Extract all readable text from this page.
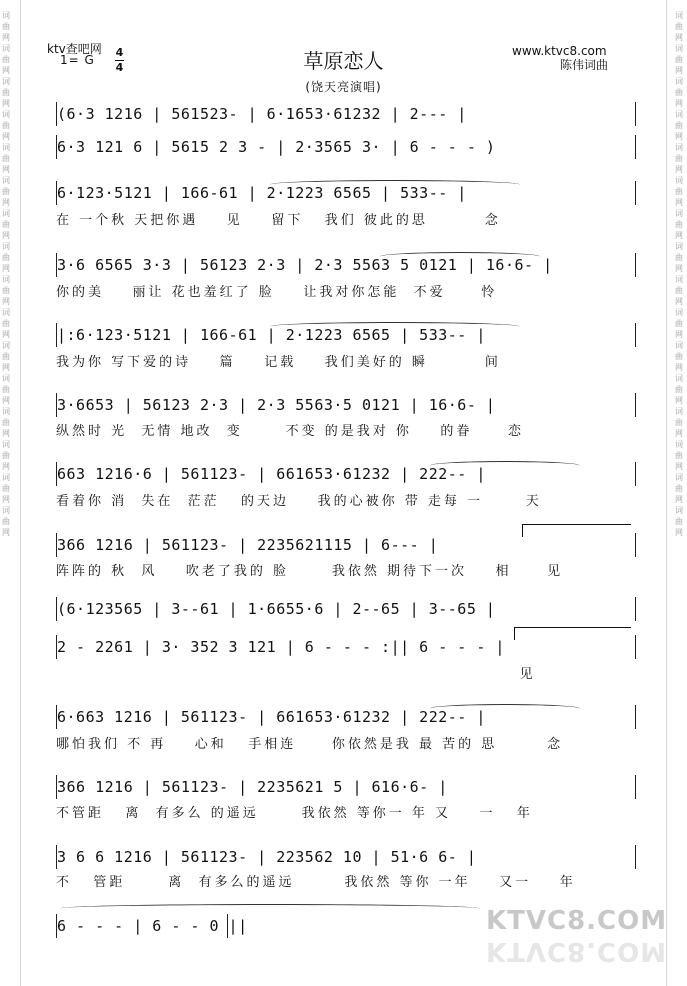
词曲网词曲网词曲网词曲网词曲网词曲网词曲网词曲网词曲网词曲网词曲网词曲网词曲网词曲网词曲网词曲网
词曲网词曲网词曲网词曲网词曲网词曲网词曲网词曲网词曲网词曲网词曲网词曲网词曲网词曲网词曲网词曲网
ktv查吧网
1= G
4
4	草原恋人
(饶天亮演唱)
www.ktvc8.com
陈伟词曲
(6·3 1216 | 561523- | 6·1653·61232 | 2--- |
6·3 121 6 | 5615 2 3 - | 2·3565 3· | 6 - - - )
6·123·5121 | 166-61 | 2·1223 6565 | 533-- |
在 一个秋 天把你遇    见    留下   我们 彼此的思        念
3·6 6565 3·3 | 56123 2·3 | 2·3 5563 5 0121 | 16·6- |
你的美    丽让 花也羞红了 脸    让我对你怎能  不爱     怜
|:6·123·5121 | 166-61 | 2·1223 6565 | 533-- |
我为你 写下爱的诗    篇    记载    我们美好的 瞬        间
3·6653 | 56123 2·3 | 2·3 5563·5 0121 | 16·6- |
纵然时 光  无情 地改  变      不变 的是我对 你    的眷     恋
663 1216·6 | 561123- | 661653·61232 | 222-- |
看着你 消  失在  茫茫   的天边    我的心被你 带 走每 一      天
366 1216 | 561123- | 2235621115 | 6--- |
阵阵的 秋  风    吹老了我的 脸      我依然 期待下一次    相     见
(6·123565 | 3--61 | 1·6655·6 | 2--65 | 3--65 |
2 - 2261 | 3· 352 3 121 | 6 - - - :|| 6 - - - |
见
6·663 1216 | 561123- | 661653·61232 | 222-- |
哪怕我们 不 再    心和   手相连     你依然是我 最 苦的 思       念
366 1216 | 561123- | 2235621 5 | 616·6- |
不管距   离  有多么 的遥远      我依然 等你一 年 又    一   年
3 6 6 1216 | 561123- | 223562 10 | 51·6 6- |
不   管距      离  有多么的遥远       我依然 等你 一年    又一    年
6 - - - | 6 - - 0 ||	KTVC8.COM
KTVC8.COM
